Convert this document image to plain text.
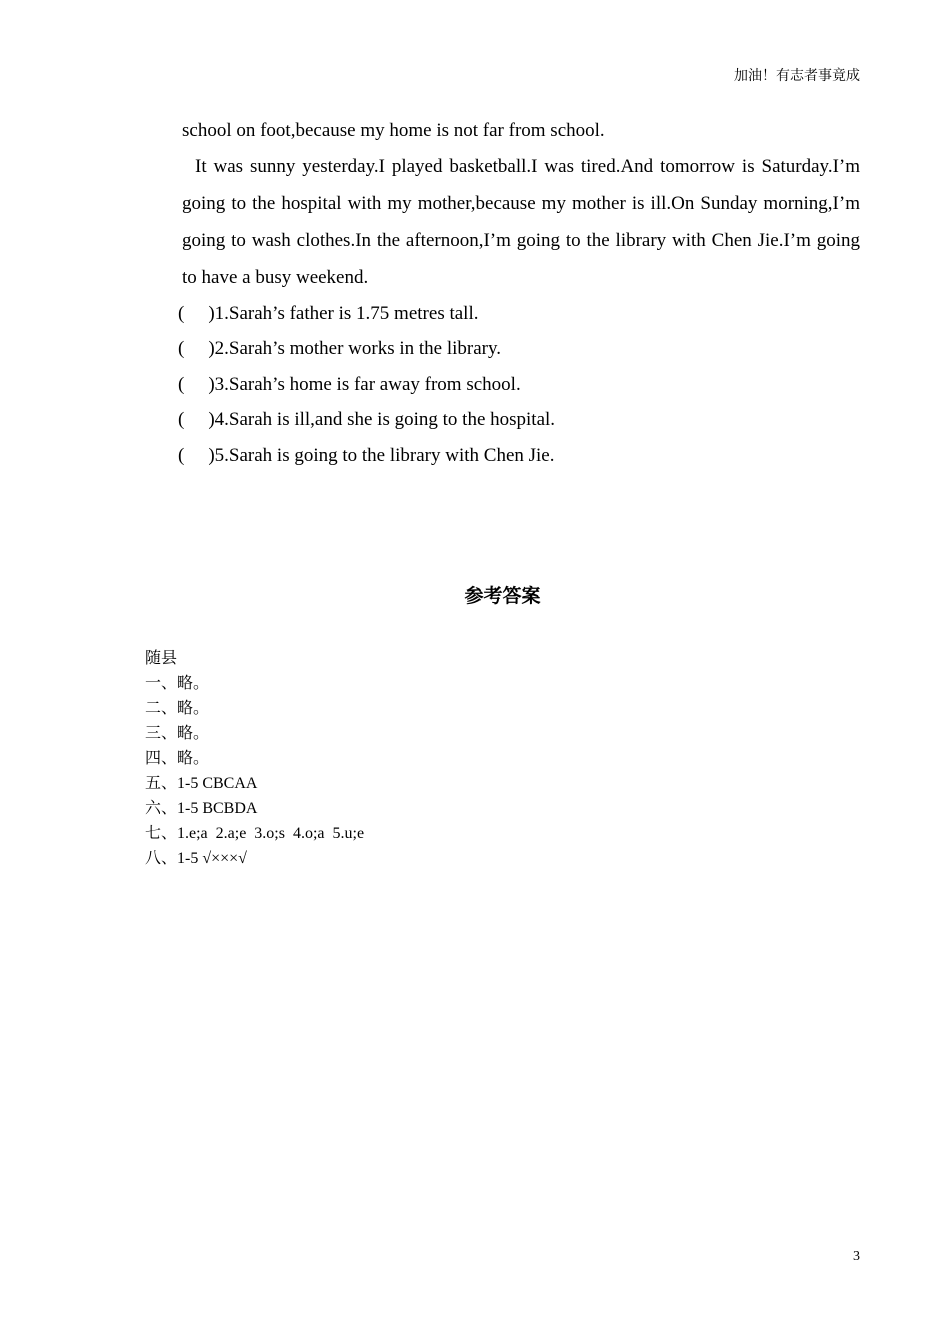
加油！有志者事竟成
school on foot,because my home is not far from school.
It was sunny yesterday.I played basketball.I was tired.And tomorrow is Saturday.I’m
going to the hospital with my mother,because my mother is ill.On Sunday morning,I’m
going to wash clothes.In the afternoon,I’m going to the library with Chen Jie.I’m going
to have a busy weekend.
( ) 1.Sarah’s father is 1.75 metres tall.
( ) 2.Sarah’s mother works in the library.
( ) 3.Sarah’s home is far away from school.
( ) 4.Sarah is ill,and she is going to the hospital.
( ) 5.Sarah is going to the library with Chen Jie.
参考答案
随县
一、略。
二、略。
三、略。
四、略。
五、1-5 CBCAA
六、1-5 BCBDA
七、1.e;a  2.a;e  3.o;s  4.o;a  5.u;e
八、1-5 √×××√
3
